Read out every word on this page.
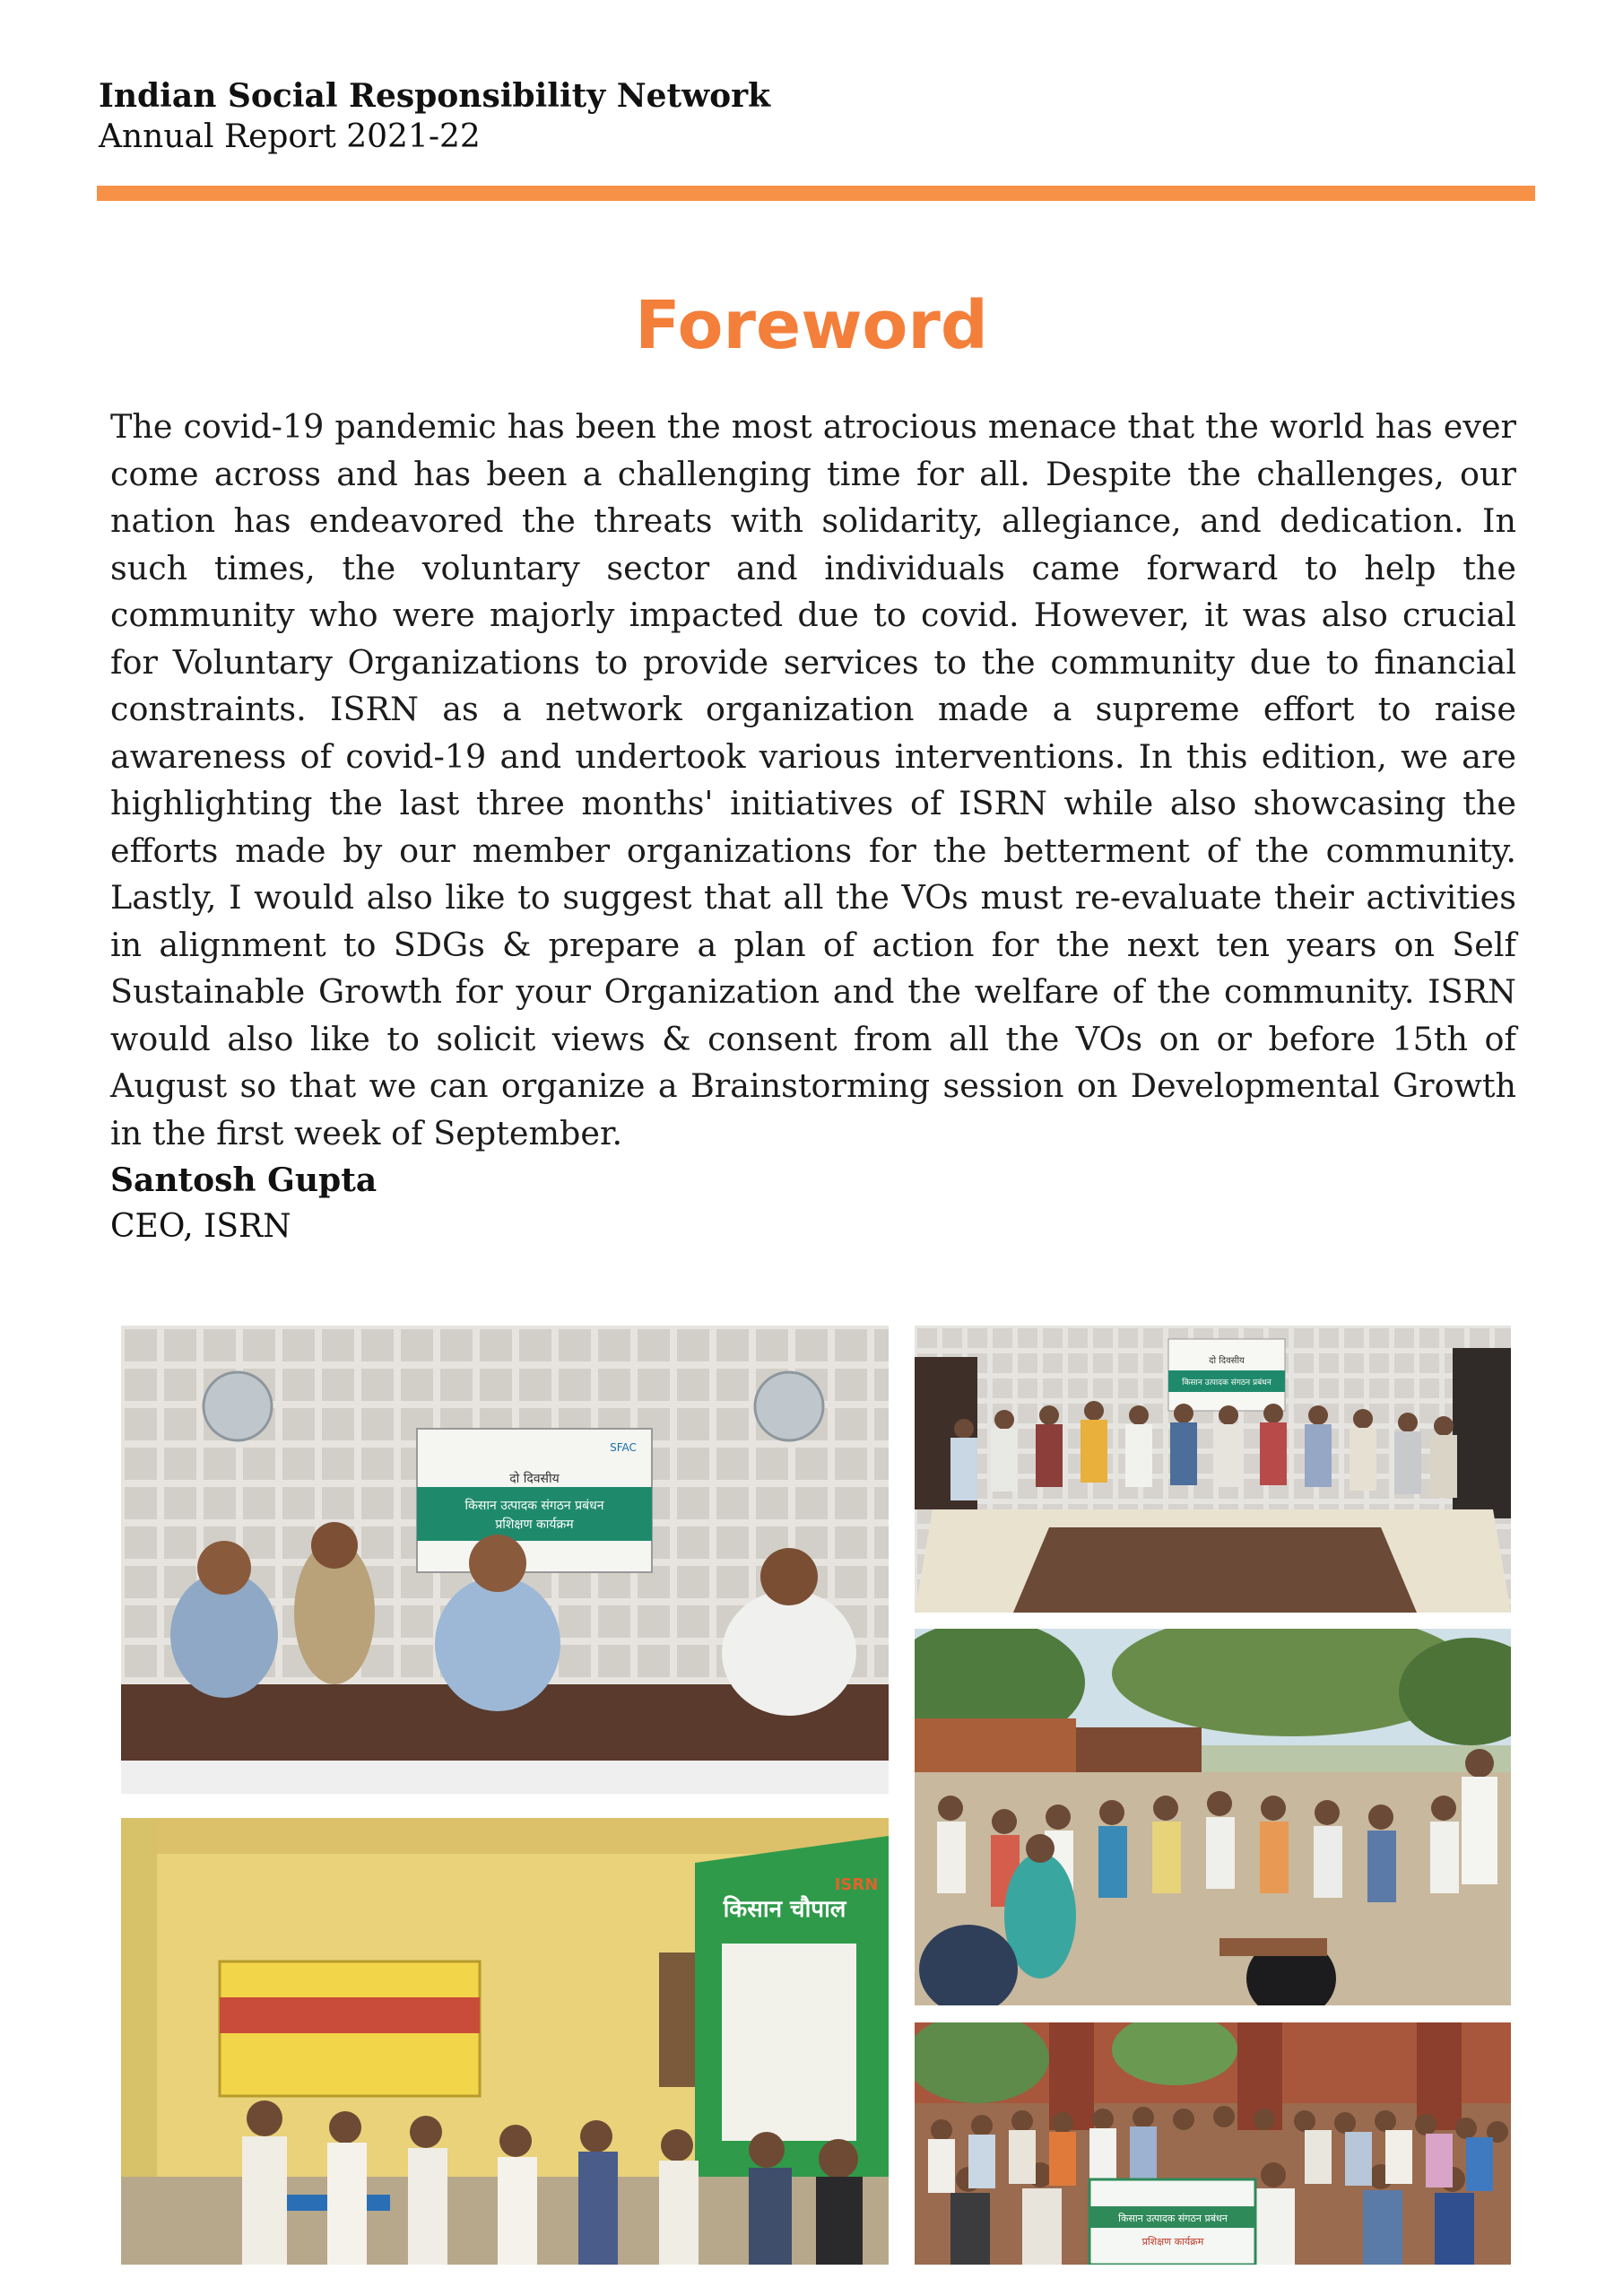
Indian Social Responsibility Network
Annual Report 2021-22
Foreword
The covid-19 pandemic has been the most atrocious menace that the world has ever come across and has been a challenging time for all. Despite the challenges, our nation has endeavored the threats with solidarity, allegiance, and dedication. In such times, the voluntary sector and individuals came forward to help the community who were majorly impacted due to covid. However, it was also crucial for Voluntary Organizations to provide services to the community due to financial constraints. ISRN as a network organization made a supreme effort to raise awareness of covid-19 and undertook various interventions. In this edition, we are highlighting the last three months' initiatives of ISRN while also showcasing the efforts made by our member organizations for the betterment of the community. Lastly, I would also like to suggest that all the VOs must re-evaluate their activities in alignment to SDGs & prepare a plan of action for the next ten years on Self Sustainable Growth for your Organization and the welfare of the community. ISRN would also like to solicit views & consent from all the VOs on or before 15th of August so that we can organize a Brainstorming session on Developmental Growth in the first week of September.
Santosh Gupta
CEO, ISRN
दो दिवसीय
किसान उत्पादक संगठन प्रबंधन
प्रशिक्षण कार्यक्रम
SFAC
दो दिवसीय
किसान उत्पादक संगठन प्रबंधन
किसान चौपाल
ISRN
किसान उत्पादक संगठन प्रबंधन
प्रशिक्षण कार्यक्रम
